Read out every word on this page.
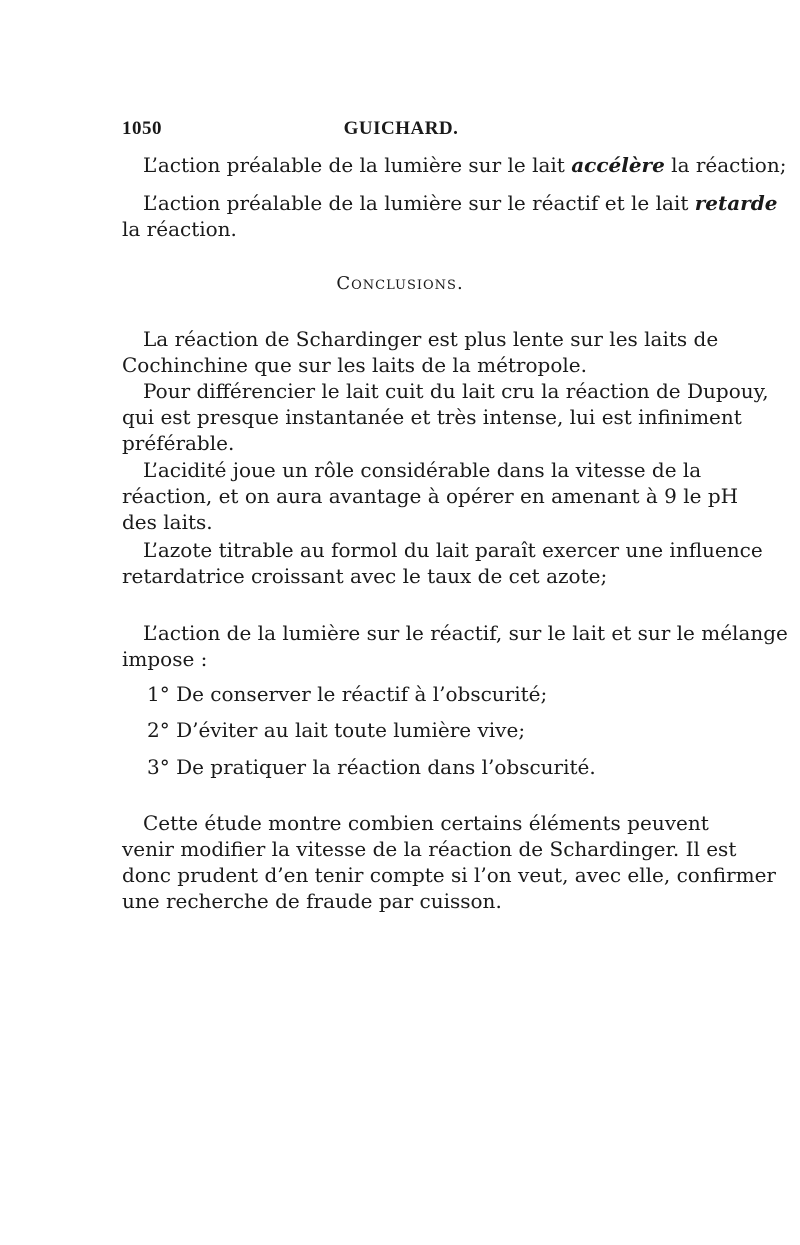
1050	GUICHARD.
L’action préalable de la lumière sur le lait accélère la réaction;
L’action préalable de la lumière sur le réactif et le lait retarde
la réaction.
Conclusions.
La réaction de Schardinger est plus lente sur les laits de
Cochinchine que sur les laits de la métropole.
Pour différencier le lait cuit du lait cru la réaction de Dupouy,
qui est presque instantanée et très intense, lui est infiniment
préférable.
L’acidité joue un rôle considérable dans la vitesse de la
réaction, et on aura avantage à opérer en amenant à 9 le pH
des laits.
L’azote titrable au formol du lait paraît exercer une influence
retardatrice croissant avec le taux de cet azote;
L’action de la lumière sur le réactif, sur le lait et sur le mélange
impose :
1° De conserver le réactif à l’obscurité;
2° D’éviter au lait toute lumière vive;
3° De pratiquer la réaction dans l’obscurité.
Cette étude montre combien certains éléments peuvent
venir modifier la vitesse de la réaction de Schardinger. Il est
donc prudent d’en tenir compte si l’on veut, avec elle, confirmer
une recherche de fraude par cuisson.
